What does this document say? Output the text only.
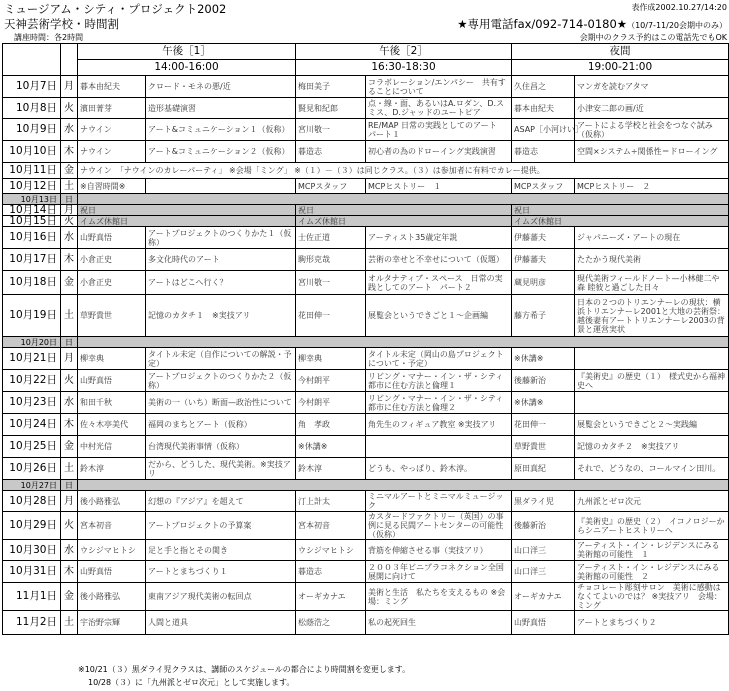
ミュージアム・シティ・プロジェクト2002
天神芸術学校・時間割
講座時間：各2時間
表作成2002.10.27/14:20
★専用電話fax/092-714-0180★（10/7-11/20会期中のみ）
会期中のクラス予約はこの電話先でもOK
		午後［1］		午後［2］		夜間	
		14:00-16:00		16:30-18:30		19:00-21:00	
10月7日	月	暮本由紀夫	クロード・モネの悪/近	梅田美子	コラボレーション/エンパシー　共有することについて	久住昌之	マンガを読むアタマ
10月8日	火	濱田菁芽	造形基礎演習	賢見和紀郎	点・線・面、あるいはA.ロダン、D.スミス、D.ジャッドのユートピア	暮本由紀夫	小津安二郎の画/近
10月9日	水	ナウイン	アート&コミュニケーション１（仮称）	宮川敬一	RE/MAP 日常の実践としてのアート　パート１	ASAP［小河けい］	アートによる学校と社会をつなぐ試み（仮称）
10月10日	木	ナウイン	アート&コミュニケーション２（仮称）	暮造志	初心者の為のドローイング実践演習	暮造志	空間×システム÷関係性＝ドローイング
10月11日	金	ナウイン　「ナウインのカレーパーティ」 ※会場「ミング」 ※（１）－（３）は同じクラス。（３）は参加者に有料でカレー提供。					
10月12日	土	※自習時間※		MCPスタッフ	MCPヒストリー　１	MCPスタッフ	MCPヒストリー　２
10月13日	日						
10月14日	月	祝日		祝日		祝日	
10月15日	火	イムズ休館日		イムズ休館日		イムズ休館日	
10月16日	水	山野真悟	アートプロジェクトのつくりかた１（仮称）	士佐正道	アーティスト35歳定年説	伊藤蕃夫	ジャパニーズ・アートの現在
10月17日	木	小倉正史	多文化時代のアート	駒形克哉	芸術の幸せと不幸せについて（仮題）	伊藤蕃夫	たたかう現代美術
10月18日	金	小倉正史	アートはどこへ行く？	宮川敬一	オルタナティブ・スペース　日常の実践としてのアート　パート２	蔵見明彦	現代美術フィールドノート—小林健二や森 睦彼と過ごした日々
10月19日	土	草野貴世	記憶のカタチ１　※実技アリ	花田伸一	展覧会というできごと１～企画編	藤方希子	日本の２つのトリエンナーレの現状：横浜トリエンナーレ2001と大地の芸術祭：越後妻有アートトリエンナーレ2003の背景と運営実状
10月20日	日						
10月21日	月	柳幸典	タイトル未定（自作についての解説・予定）	柳幸典	タイトル未定（岡山の島プロジェクトについて・予定）	※休講※	
10月22日	火	山野真悟	アートプロジェクトのつくりかた２（仮称）	今村朗平	リビング・マナー・イン・ザ・シティ　都市に住む方法と倫理１	後藤新治	『美術史』の歴史（１）　様式史から福神史へ
10月23日	水	和田千秋	美術の一（いち）断面—政治性について	今村朗平	リビング・マナー・イン・ザ・シティ　都市に住む方法と倫理２	※休講※	
10月24日	木	佐々木亭美代	福岡のまちとアート（仮称）	角　孝政	角先生のフィギュア教室 ※実技アリ	花田伸一	展覧会というできごと２～実践編
10月25日	金	中村光信	台湾現代美術事情（仮称）	※休講※		草野貴世	記憶のカタチ２　※実技アリ
10月26日	土	鈴木淳	だから、どうした、現代美術。※実技アリ	鈴木淳	どうも、やっぱり、鈴木淳。	原田真紀	それで、どうなの、コールマイン田川。
10月27日	日						
10月28日	月	後小路雅弘	幻想の『アジア』を超えて	汀上計太	ミニマルアートとミニマルミュージック	黒ダライ児	九州派とゼロ次元
10月29日	火	宮本初音	アートプロジェクトの予算案	宮本初音	カスタードファクトリー（英国）の事例に見る民間アートセンターの可能性（仮称）	後藤新治	『美術史』の歴史（２）　イコノロジーからシニアートヒストリーへ
10月30日	水	ウシジマヒトシ	足と手と指とその関き	ウシジマヒトシ	背筋を伸縮させる事（実技アリ）	山口洋三	アーティスト・イン・レジデンスにみる美術館の可能性　１
10月31日	木	山野真悟	アートとまちづくり１	暮造志	２００３年ビニプラコネクション全国展開に向けて	山口洋三	アーティスト・イン・レジデンスにみる美術館の可能性　２
11月1日	金	後小路雅弘	東南アジア現代美術の転回点	オーギカナエ	美術と生活　私たちを支えるもの ※会場：ミング	オーギカナエ	チョコレート彫刻サロン　美術に感動はなくてよいのでは？ ※実技アリ　会場：ミング
11月2日	土	宇治野宗輝	人間と道具	松蔭浩之	私の起死回生	山野真悟	アートとまちづくり２
※10/21（３）黒ダライ児クラスは、講師のスケジュールの都合により時間割を変更します。
10/28（３）に「九州派とゼロ次元」として実施します。
